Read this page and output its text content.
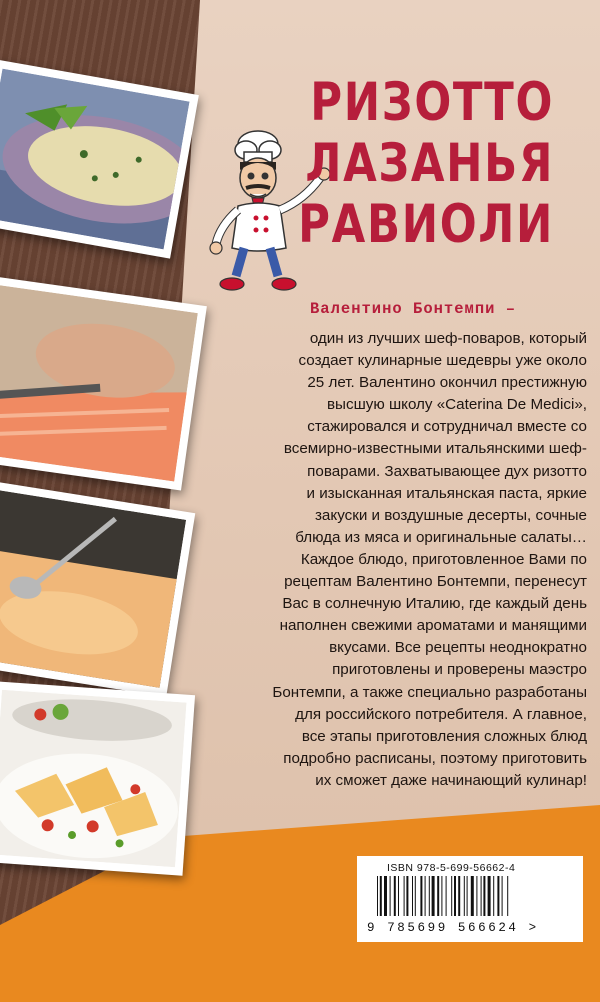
РИЗОТТО
ЛАЗАНЬЯ
РАВИОЛИ
Валентино Бонтемпи –
один из лучших шеф-поваров, который
создает кулинарные шедевры уже около
25 лет. Валентино окончил престижную
высшую школу «Caterina De Medici»,
стажировался и сотрудничал вместе со
всемирно-известными итальянскими шеф-
поварами. Захватывающее дух ризотто
и изысканная итальянская паста, яркие
закуски и воздушные десерты, сочные
блюда из мяса и оригинальные салаты…
Каждое блюдо, приготовленное Вами по
рецептам Валентино Бонтемпи, перенесут
Вас в солнечную Италию, где каждый день
наполнен свежими ароматами и манящими
вкусами. Все рецепты неоднократно
приготовлены и проверены маэстро
Бонтемпи, а также специально разработаны
для российского потребителя. А главное,
все этапы приготовления сложных блюд
подробно расписаны, поэтому приготовить
их сможет даже начинающий кулинар!
ISBN 978-5-699-56662-4
9 785699 566624 >
